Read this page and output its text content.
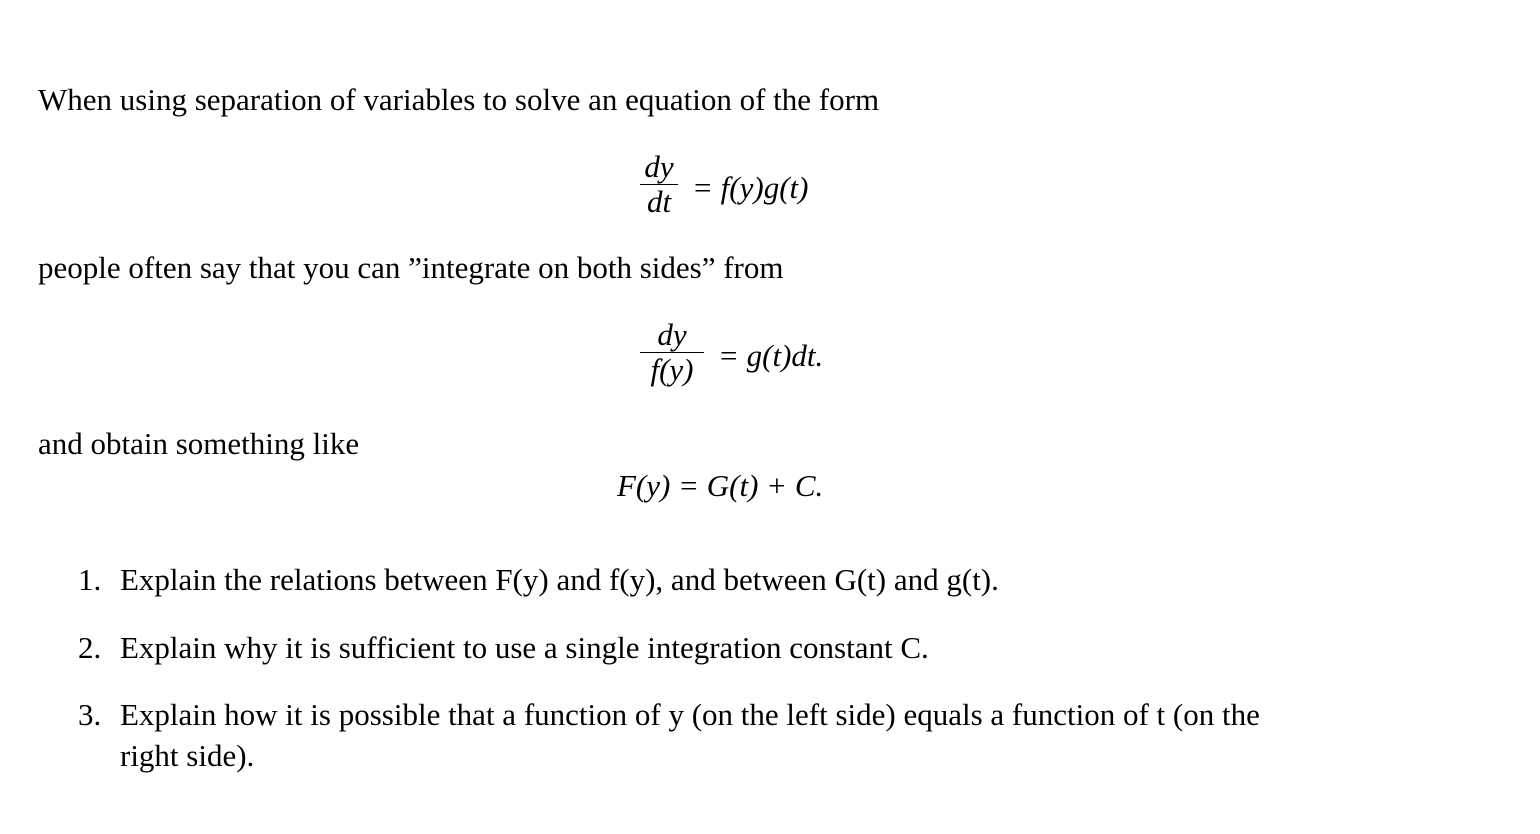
When using separation of variables to solve an equation of the form
dy
dt = f(y)g(t)
people often say that you can ”integrate on both sides” from
dy
f(y) = g(t)dt.
and obtain something like
F(y) = G(t) + C.
1. Explain the relations between F(y) and f(y), and between G(t) and g(t).
2. Explain why it is sufficient to use a single integration constant C.
3. Explain how it is possible that a function of y (on the left side) equals a function of t (on the
right side).
